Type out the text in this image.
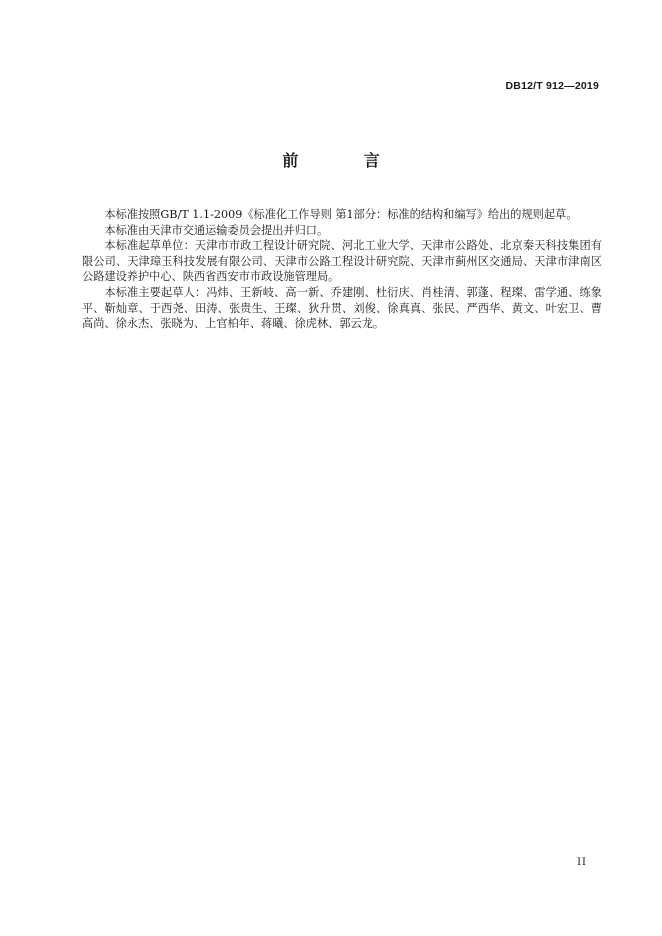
DB12/T 912—2019
前 言

本标准按照GB/T 1.1-2009《标准化工作导则 第1部分：标准的结构和编写》给出的规则起草。

本标准由天津市交通运输委员会提出并归口。

本标准起草单位：天津市市政工程设计研究院、河北工业大学、天津市公路处、北京秦天科技集团有限公司、天津璋玉科技发展有限公司、天津市公路工程设计研究院、天津市蓟州区交通局、天津市津南区公路建设养护中心、陕西省西安市市政设施管理局。

本标准主要起草人：冯炜、王新岐、高一新、乔建刚、杜衍庆、肖桂清、郭蓬、程璨、雷学通、练象平、靳灿章、于西尧、田涛、张贵生、王璨、狄升贯、刘俊、徐真真、张民、严西华、黄文、叶宏卫、曹高尚、徐永杰、张晓为、上官柏年、蒋曦、徐虎林、郭云龙。

II
